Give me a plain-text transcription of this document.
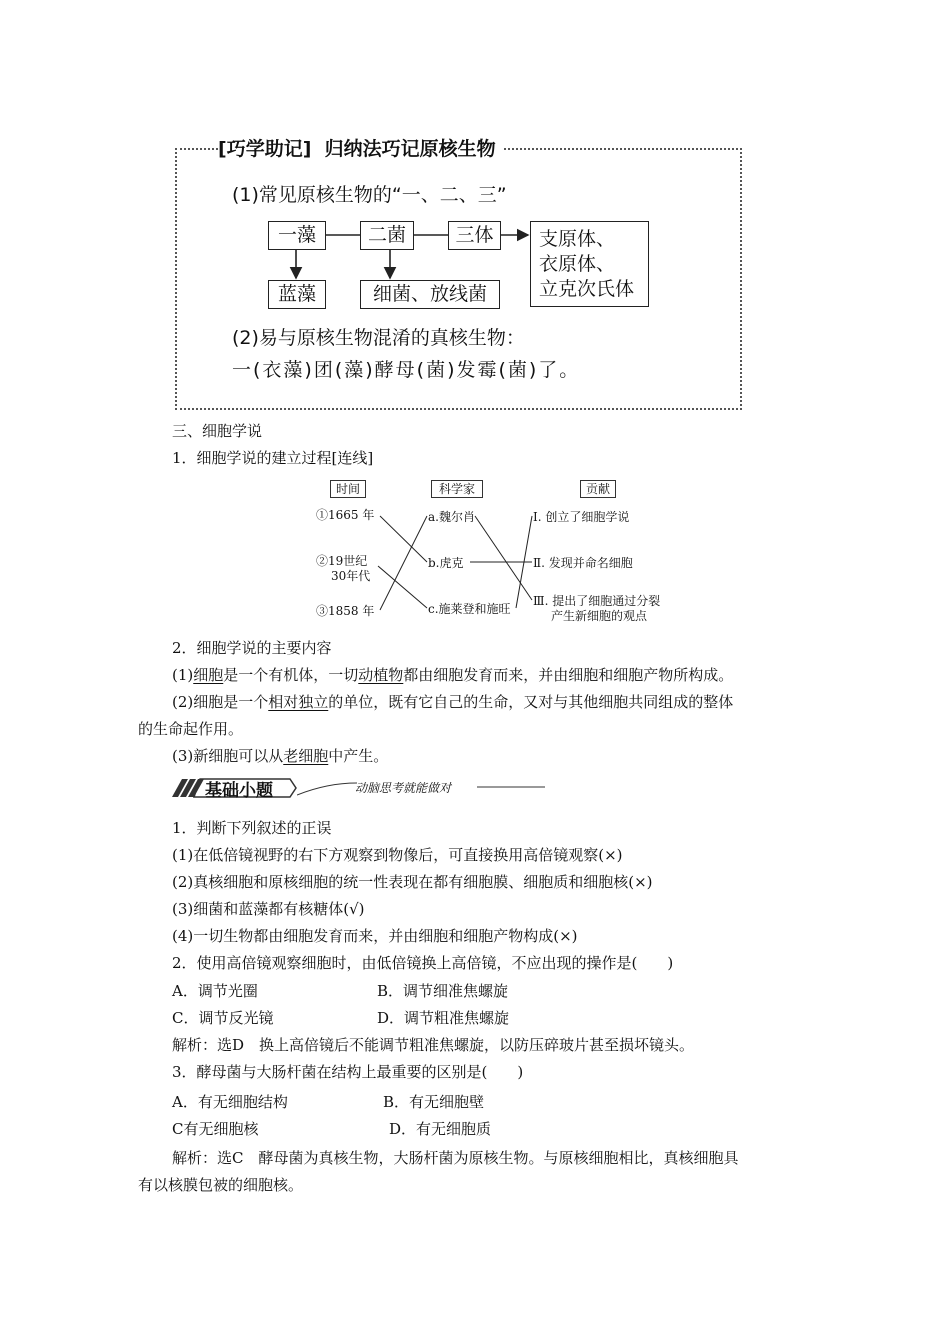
[巧学助记] 归纳法巧记原核生物
(1)常见原核生物的“一、二、三”
一藻	二菌	三体
蓝藻	细菌、放线菌
支原体、
衣原体、
立克次氏体
(2)易与原核生物混淆的真核生物：
一(衣藻)团(藻)酵母(菌)发霉(菌)了。
三、细胞学说
1．细胞学说的建立过程[连线]
时间	科学家	贡献
①1665 年
②19世纪
30年代
③1858 年
a.魏尔肖
b.虎克
c.施莱登和施旺
Ⅰ. 创立了细胞学说
Ⅱ. 发现并命名细胞
Ⅲ. 提出了细胞通过分裂
产生新细胞的观点
2．细胞学说的主要内容
(1)细胞是一个有机体，一切动植物都由细胞发育而来，并由细胞和细胞产物所构成。
(2)细胞是一个相对独立的单位，既有它自己的生命，又对与其他细胞共同组成的整体
的生命起作用。
(3)新细胞可以从老细胞中产生。
基础小题	动脑思考就能做对
1．判断下列叙述的正误
(1)在低倍镜视野的右下方观察到物像后，可直接换用高倍镜观察(×)
(2)真核细胞和原核细胞的统一性表现在都有细胞膜、细胞质和细胞核(×)
(3)细菌和蓝藻都有核糖体(√)
(4)一切生物都由细胞发育而来，并由细胞和细胞产物构成(×)
2．使用高倍镜观察细胞时，由低倍镜换上高倍镜，不应出现的操作是(　　)
A．调节光圈	B．调节细准焦螺旋
C．调节反光镜	D．调节粗准焦螺旋
解析：选D　换上高倍镜后不能调节粗准焦螺旋，以防压碎玻片甚至损坏镜头。
3．酵母菌与大肠杆菌在结构上最重要的区别是(　　)
A．有无细胞结构	B．有无细胞壁
C有无细胞核	D．有无细胞质
解析：选C　酵母菌为真核生物，大肠杆菌为原核生物。与原核细胞相比，真核细胞具
有以核膜包被的细胞核。
